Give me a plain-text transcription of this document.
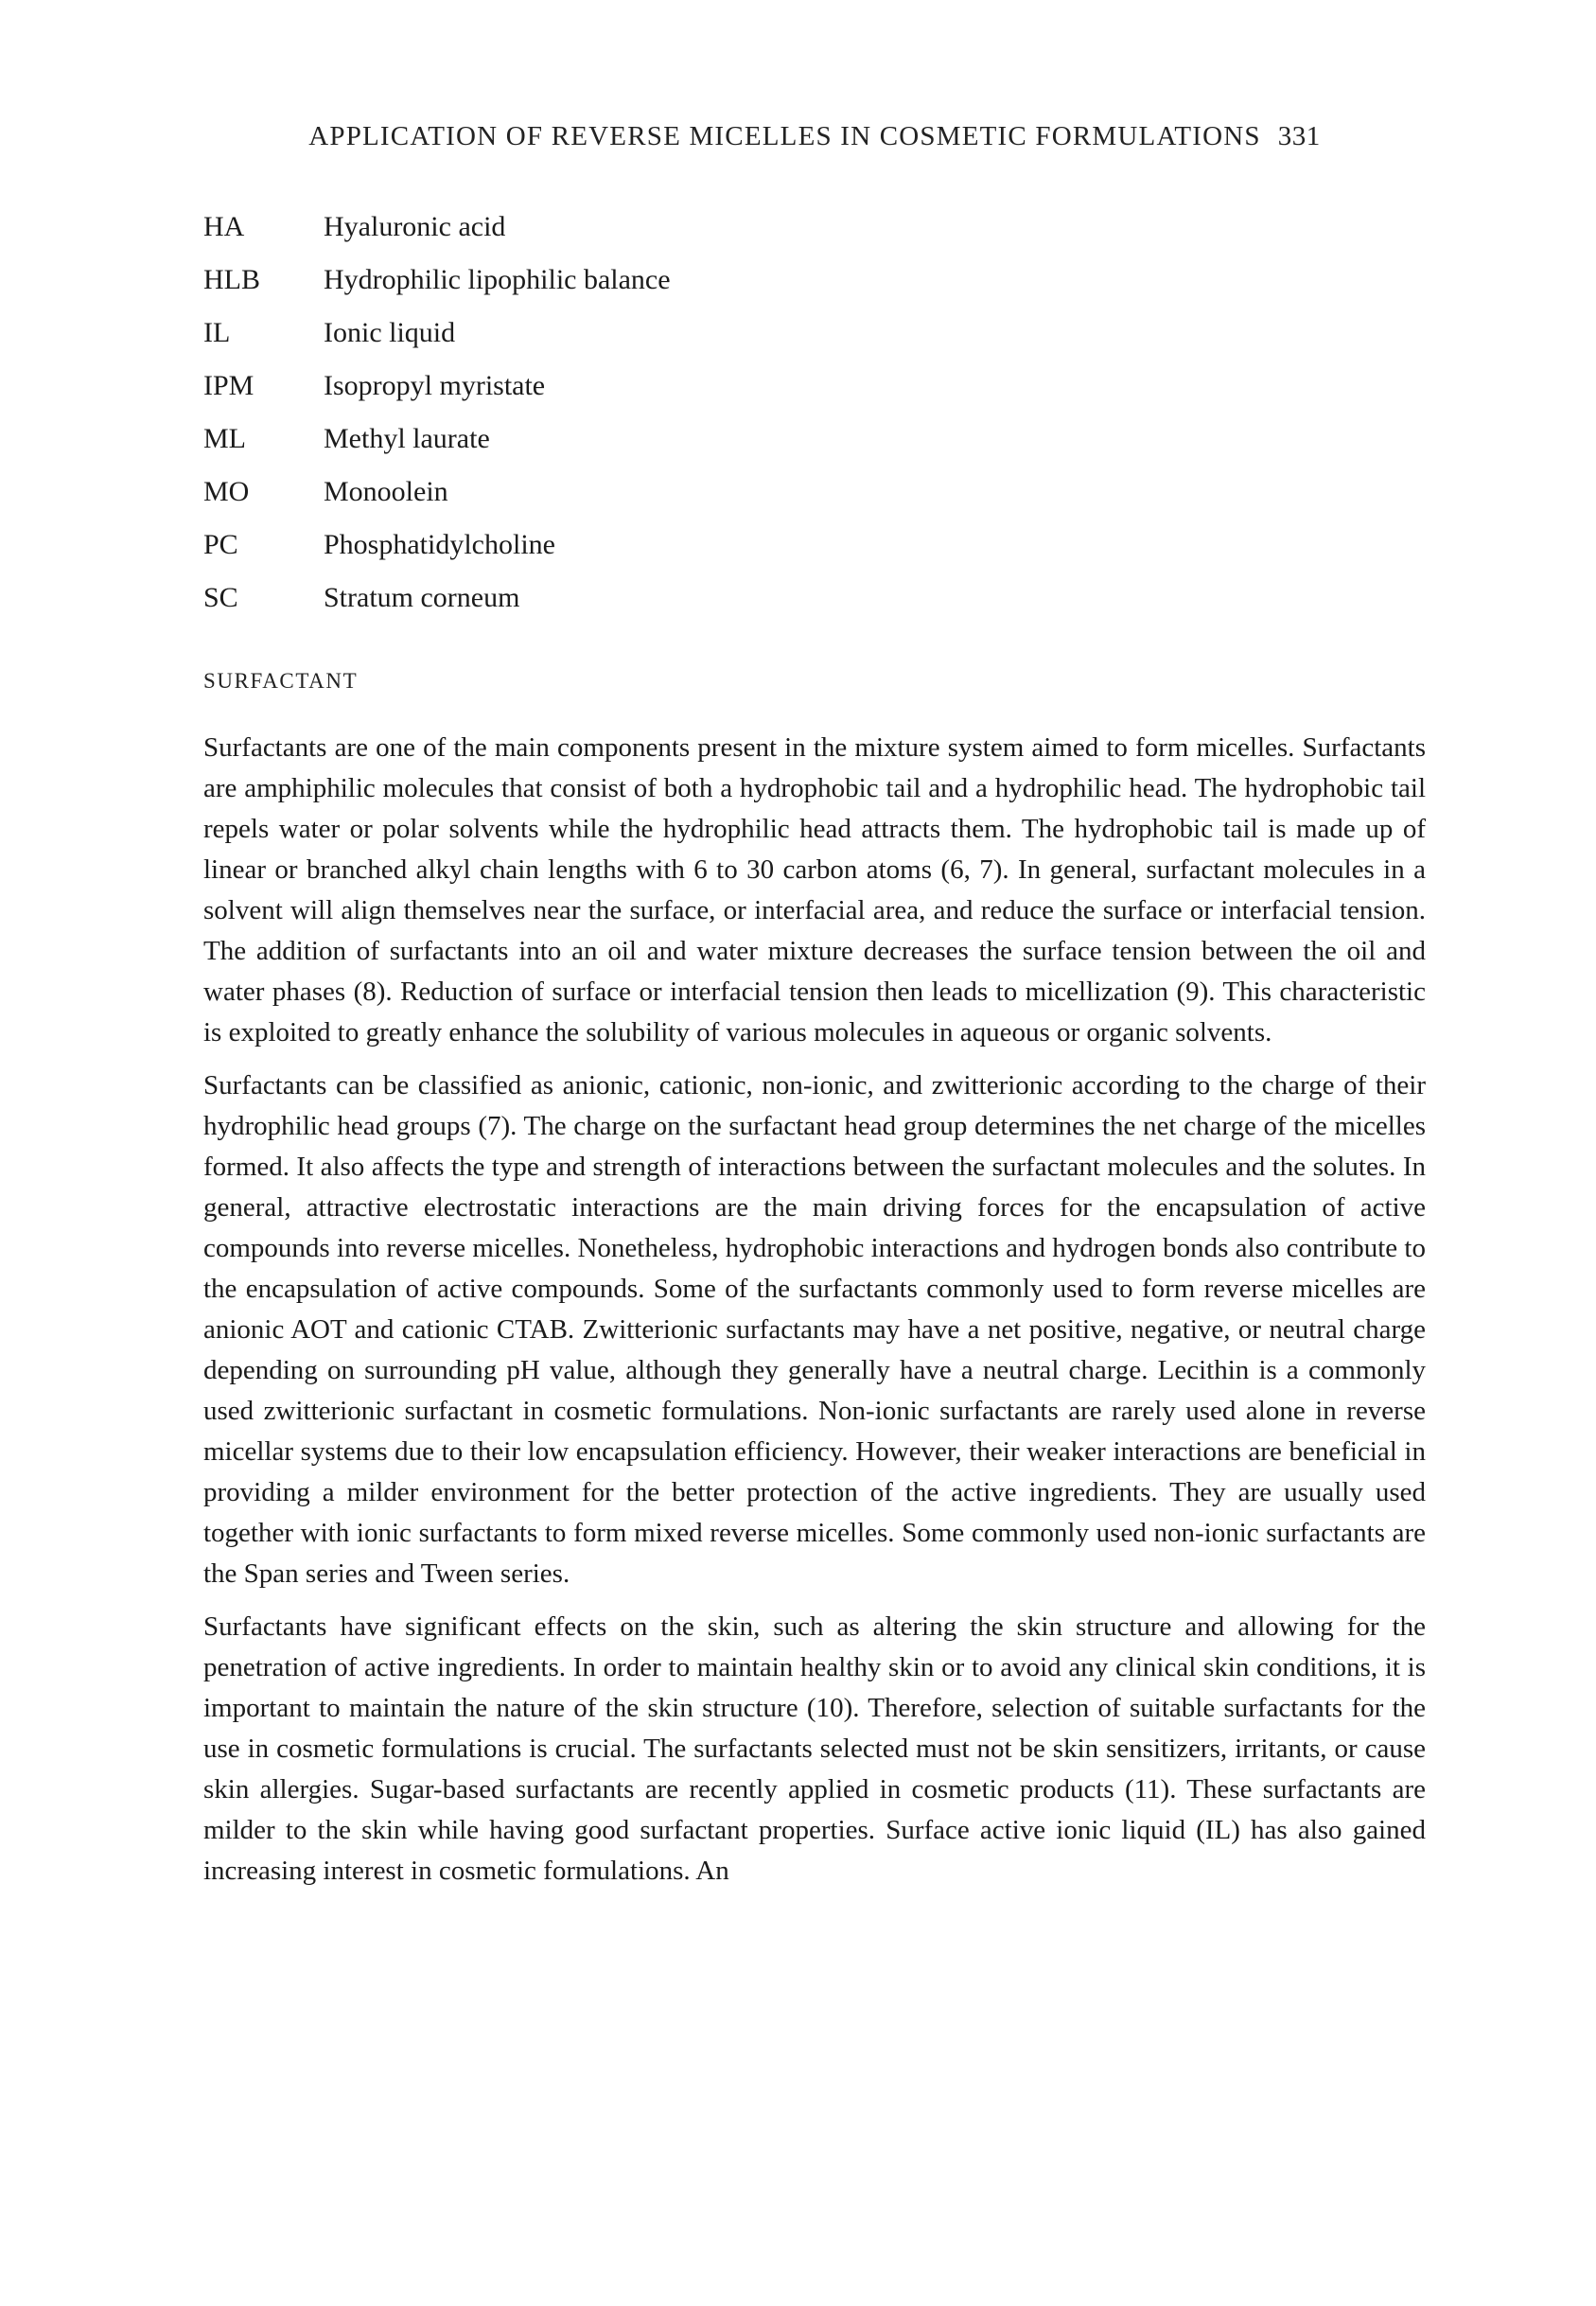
APPLICATION OF REVERSE MICELLES IN COSMETIC FORMULATIONS 331
HA	Hyaluronic acid
HLB	Hydrophilic lipophilic balance
IL	Ionic liquid
IPM	Isopropyl myristate
ML	Methyl laurate
MO	Monoolein
PC	Phosphatidylcholine
SC	Stratum corneum
SURFACTANT

Surfactants are one of the main components present in the mixture system aimed to form micelles. Surfactants are amphiphilic molecules that consist of both a hydrophobic tail and a hydrophilic head. The hydrophobic tail repels water or polar solvents while the hydrophilic head attracts them. The hydrophobic tail is made up of linear or branched alkyl chain lengths with 6 to 30 carbon atoms (6, 7). In general, surfactant molecules in a solvent will align themselves near the surface, or interfacial area, and reduce the surface or interfacial tension. The addition of surfactants into an oil and water mixture decreases the surface tension between the oil and water phases (8). Reduction of surface or interfacial tension then leads to micellization (9). This characteristic is exploited to greatly enhance the solubility of various molecules in aqueous or organic solvents.

Surfactants can be classified as anionic, cationic, non-ionic, and zwitterionic according to the charge of their hydrophilic head groups (7). The charge on the surfactant head group determines the net charge of the micelles formed. It also affects the type and strength of interactions between the surfactant molecules and the solutes. In general, attractive electrostatic interactions are the main driving forces for the encapsulation of active compounds into reverse micelles. Nonetheless, hydrophobic interactions and hydrogen bonds also contribute to the encapsulation of active compounds. Some of the surfactants commonly used to form reverse micelles are anionic AOT and cationic CTAB. Zwitterionic surfactants may have a net positive, negative, or neutral charge depending on surrounding pH value, although they generally have a neutral charge. Lecithin is a commonly used zwitterionic surfactant in cosmetic formulations. Non-ionic surfactants are rarely used alone in reverse micellar systems due to their low encapsulation efficiency. However, their weaker interactions are beneficial in providing a milder environment for the better protection of the active ingredients. They are usually used together with ionic surfactants to form mixed reverse micelles. Some commonly used non-ionic surfactants are the Span series and Tween series.

Surfactants have significant effects on the skin, such as altering the skin structure and allowing for the penetration of active ingredients. In order to maintain healthy skin or to avoid any clinical skin conditions, it is important to maintain the nature of the skin structure (10). Therefore, selection of suitable surfactants for the use in cosmetic formulations is crucial. The surfactants selected must not be skin sensitizers, irritants, or cause skin allergies. Sugar-based surfactants are recently applied in cosmetic products (11). These surfactants are milder to the skin while having good surfactant properties. Surface active ionic liquid (IL) has also gained increasing interest in cosmetic formulations. An
